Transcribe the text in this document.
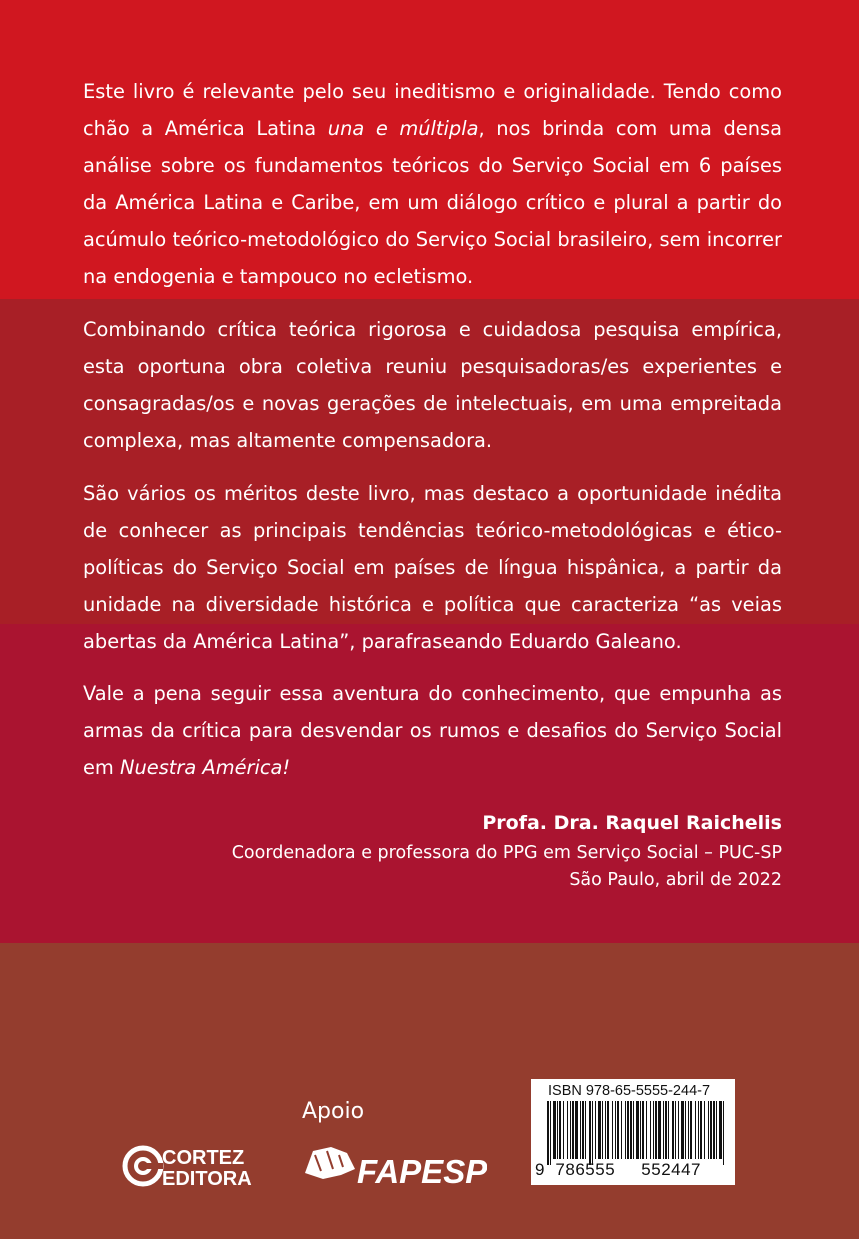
Este livro é relevante pelo seu ineditismo e originalidade. Tendo como chão a América Latina una e múltipla, nos brinda com uma densa análise sobre os fundamentos teóricos do Serviço Social em 6 países da América Latina e Caribe, em um diálogo crítico e plural a partir do acúmulo teórico-metodológico do Serviço Social brasileiro, sem incorrer na endogenia e tampouco no ecletismo.
Combinando crítica teórica rigorosa e cuidadosa pesquisa empírica, esta oportuna obra coletiva reuniu pesquisadoras/es experientes e consagradas/os e novas gerações de intelectuais, em uma empreitada complexa, mas altamente compensadora.
São vários os méritos deste livro, mas destaco a oportunidade inédita de conhecer as principais tendências teórico-metodológicas e ético-políticas do Serviço Social em países de língua hispânica, a partir da unidade na diversidade histórica e política que caracteriza “as veias abertas da América Latina”, parafraseando Eduardo Galeano.
Vale a pena seguir essa aventura do conhecimento, que empunha as armas da crítica para desvendar os rumos e desafios do Serviço Social em Nuestra América!
Profa. Dra. Raquel Raichelis
Coordenadora e professora do PPG em Serviço Social – PUC-SP
São Paulo, abril de 2022
Apoio
CORTEZ
EDITORA	FAPESP
ISBN 978-65-5555-244-7
9 786555 552447
